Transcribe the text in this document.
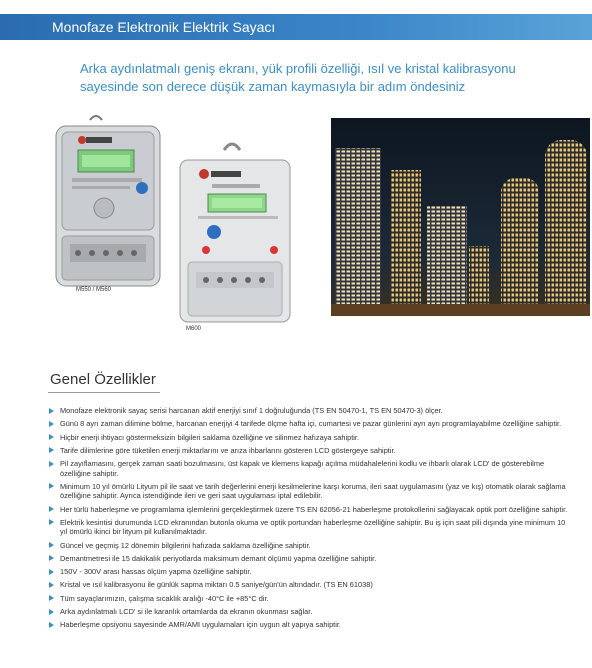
Monofaze Elektronik Elektrik Sayacı
Arka aydınlatmalı geniş ekranı, yük profili özelliği, ısıl ve kristal kalibrasyonu
sayesinde son derece düşük zaman kaymasıyla bir adım öndesiniz
M550 / M560
M600
Genel Özellikler
Monofaze elektronik sayaç serisi harcanan aktif enerjiyi sınıf 1 doğruluğunda (TS EN 50470-1, TS EN 50470-3) ölçer.
Günü 8 ayrı zaman dilimine bölme, harcanan enerjiyi 4 tarifede ölçme hafta içi, cumartesi ve pazar günlerini ayrı ayrı programlayabilme özelliğine sahiptir.
Hiçbir enerji ihtiyacı göstermeksizin bilgileri saklama özelliğine ve silinmez hafızaya sahiptir.
Tarife dilimlerine göre tüketilen enerji miktarlarını ve arıza ihbarlarını gösteren LCD göstergeye sahiptir.
Pil zayıflamasını, gerçek zaman saati bozulmasını, üst kapak ve klemens kapağı açılma müdahalelerini kodlu ve ihbarlı olarak LCD' de gösterebilme özelliğine sahiptir.
Minimum 10 yıl ömürlü Lityum pil ile saat ve tarih değerlerini enerji kesilmelerine karşı koruma, ileri saat uygulamasını (yaz ve kış) otomatik olarak sağlama özelliğine sahiptir. Ayrıca istendiğinde ileri ve geri saat uygulaması iptal edilebilir.
Her türlü haberleşme ve programlama işlemlerini gerçekleştirmek üzere TS EN 62056-21 haberleşme protokollerini sağlayacak optik port özelliğine sahiptir.
Elektrik kesintisi durumunda LCD ekranından butonla okuma ve optik portundan haberleşme özelliğine sahiptir. Bu iş için saat pili dışında yine minimum 10 yıl ömürlü ikinci bir lityum pil kullanılmaktadır.
Güncel ve geçmiş 12 dönemin bilgilerini hafızada saklama özelliğine sahiptir.
Demantmetresi ile 15 dakikalık periyotlarda maksimum demant ölçümü yapma özelliğine sahiptir.
150V - 300V arası hassas ölçüm yapma özelliğine sahiptir.
Kristal ve ısıl kalibrasyonu ile günlük sapma miktarı 0.5 saniye/gün'ün altındadır. (TS EN 61038)
Tüm sayaçlarımızın, çalışma sıcaklık aralığı -40°C ile +85°C dir.
Arka aydınlatmalı LCD' si ile karanlık ortamlarda da ekranın okunması sağlar.
Haberleşme opsiyonu sayesinde AMR/AMI uygulamaları için uygun alt yapıya sahiptir.
